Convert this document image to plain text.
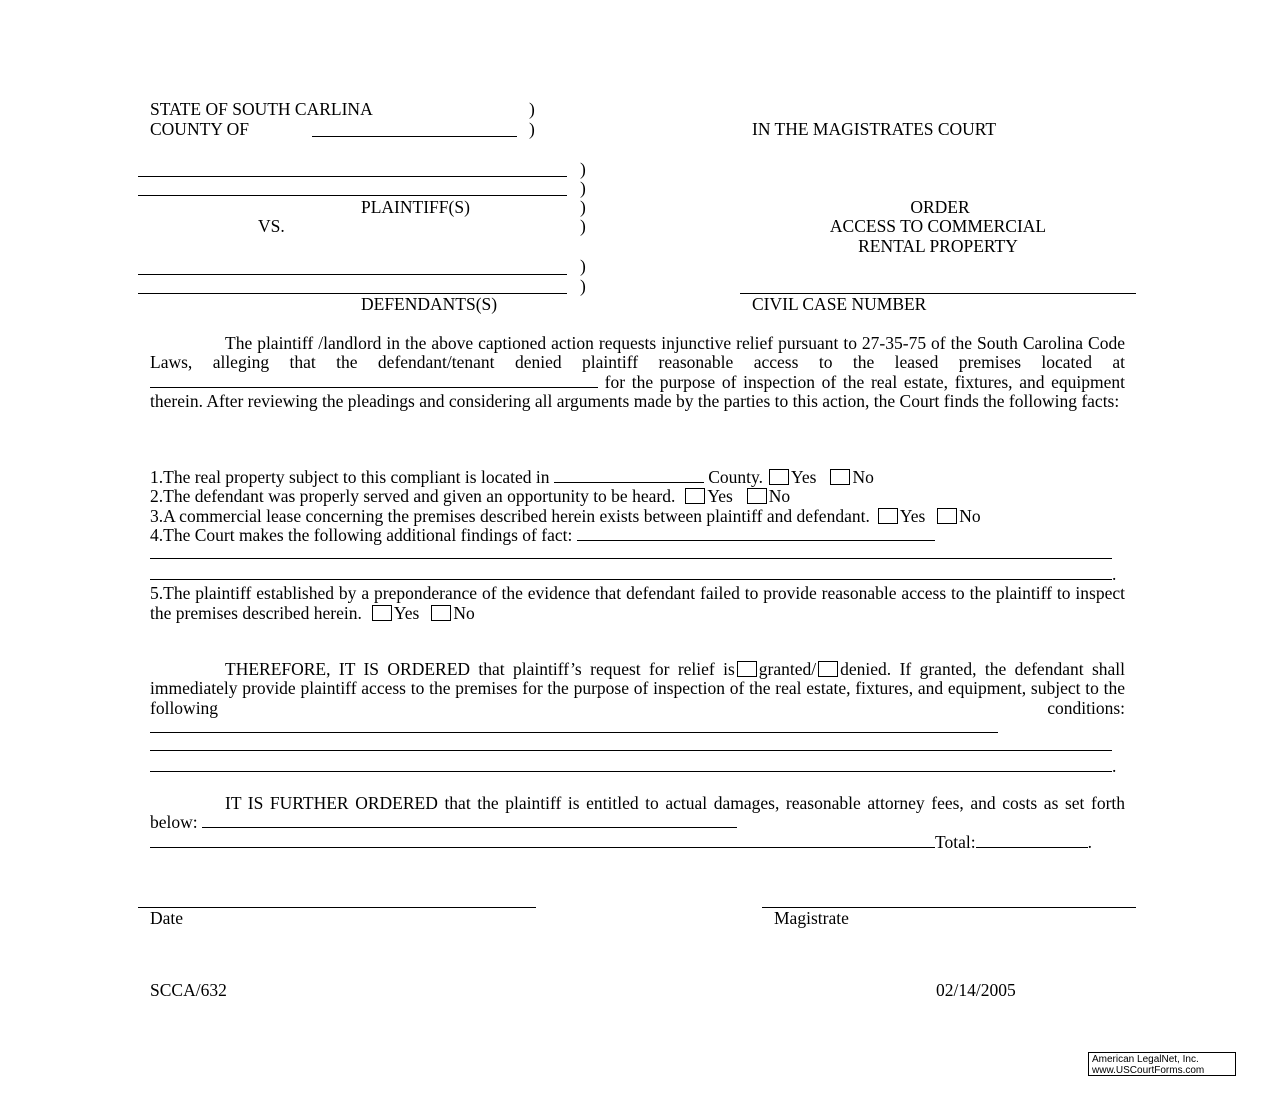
STATE OF SOUTH CARLINA	)
COUNTY OF	)	IN THE MAGISTRATES COURT
)
)
)
)
PLAINTIFF(S)
VS.
ORDER
ACCESS TO COMMERCIAL
RENTAL PROPERTY
)
)
DEFENDANTS(S)	CIVIL CASE NUMBER

The plaintiff /landlord in the above captioned action requests injunctive relief pursuant to 27-35-75 of the South Carolina Code Laws, alleging that the defendant/tenant denied plaintiff reasonable access to the leased premises located at  for the purpose of inspection of the real estate, fixtures, and equipment therein. After reviewing the pleadings and considering all arguments made by the parties to this action, the Court finds the following facts:

1.The real property subject to this compliant is located in	County. Yes No

2.The defendant was properly served and given an opportunity to be heard. Yes No

3.A commercial lease concerning the premises described herein exists between plaintiff and defendant. Yes No

4.The Court makes the following additional findings of fact:

.

5.The plaintiff established by a preponderance of the evidence that defendant failed to provide reasonable access to the plaintiff to inspect the premises described herein. Yes No

THEREFORE, IT IS ORDERED that plaintiff’s request for relief is granted/ denied. If granted, the defendant shall immediately provide plaintiff access to the premises for the purpose of inspection of the real estate, fixtures, and equipment, subject to the following conditions:

.

IT IS FURTHER ORDERED that the plaintiff is entitled to actual damages, reasonable attorney fees, and costs as set forth below:

Total:	.

Date	Magistrate
SCCA/632	02/14/2005
American LegalNet, Inc.
www.USCourtForms.com
